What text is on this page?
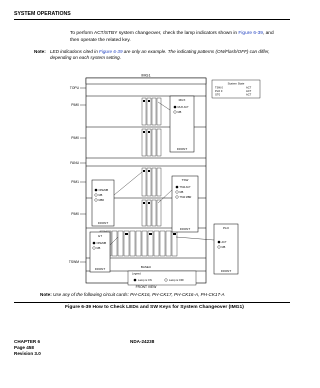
SYSTEM OPERATIONS
To perform ACT/STBY system changeover, check the lamp indicators shown in Figure 6-39, and then operate the related key.
Note: LED indications cited in Figure 6-39 are only an example. The indicating patterns (ON/Flash/OFF) can differ, depending on each system setting.
IMG1
TOPU
PIM0
PIM0
FANU
PIM1
PIM0
TSWM
BASEU
FRONT VIEW
System State
TSW 0	ACT
PLO 0	ACT
GT0	ACT
MUX
MUX ACT
MB
FRONT
OPE/MB
MB
MBR
FRONT
TSW
TSW ACT
MB
TSW MBR
FRONT
GT
OPE/MB
MB
FRONT
PLO
ACT
MB
FRONT
Legend
Lamp is ON	Lamp is OFF
Note: Use any of the following circuit cards: PH-CK16, PH-CK17, PH-CK16-A, PH-CK17-A
Figure 6-39 How to Check LEDs and SW Keys for System Changeover (IMG1)
CHAPTER 6
Page 458
Revision 3.0
NDA-24238
